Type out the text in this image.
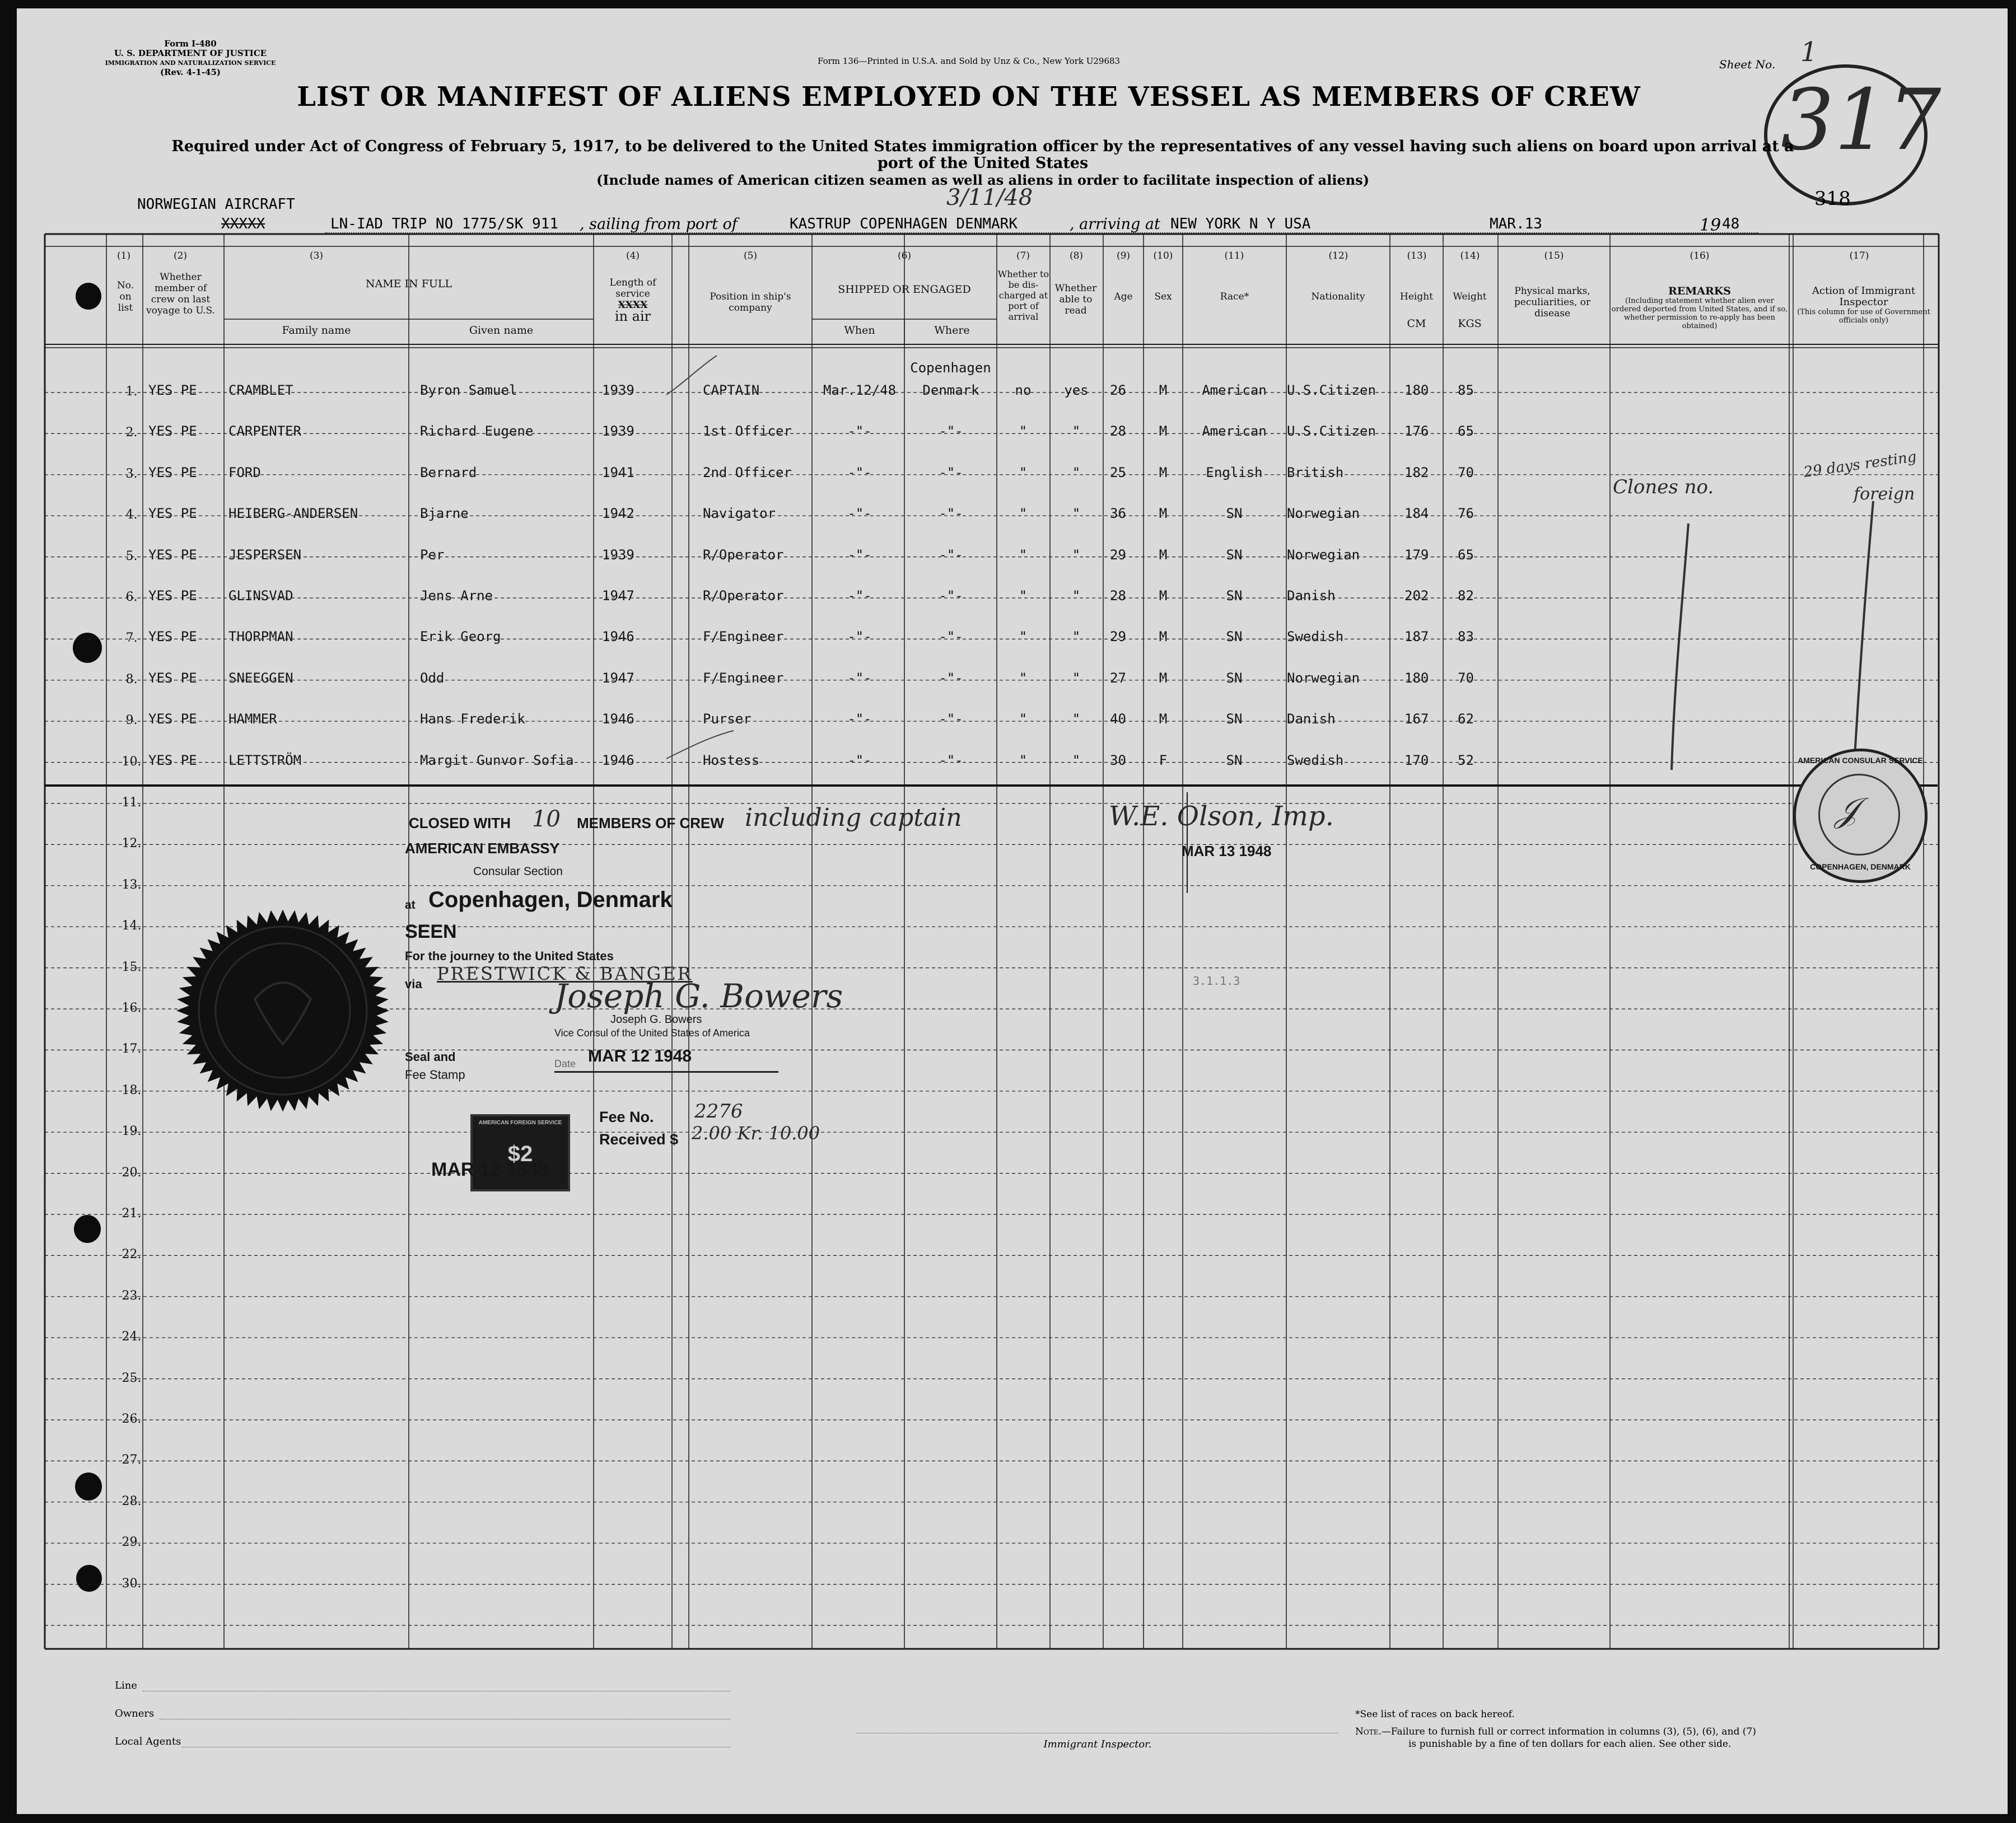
Form I-480
U. S. DEPARTMENT OF JUSTICE
IMMIGRATION AND NATURALIZATION SERVICE
(Rev. 4-1-45)
Form 136—Printed in U.S.A. and Sold by Unz & Co., New York U29683	Sheet No. 1
317
318
LIST OR MANIFEST OF ALIENS EMPLOYED ON THE VESSEL AS MEMBERS OF CREW
Required under Act of Congress of February 5, 1917, to be delivered to the United States immigration officer by the representatives of any vessel having such aliens on board upon arrival at a
port of the United States
(Include names of American citizen seamen as well as aliens in order to facilitate inspection of aliens)
NORWEGIAN AIRCRAFT
XXXXX	LN-IAD TRIP NO 1775/SK 911 , sailing from port of
3/11/48
KASTRUP COPENHAGEN DENMARK	, arriving at NEW YORK N Y USA	MAR.13	19 48
(1)	(2)	(3)	(4)	(5)	(6)	(7)	(8)	(9)	(10)	(11)	(12)	(13)	(14)	(15)	(16)	(17)
No. on list
Whether member of crew on last voyage to U.S.
NAME IN FULL
Family name	Given name
Length of service
XXXX
in air
Position in ship's company
SHIPPED OR ENGAGED
When	Where
Whether to be dis-charged at port of arrival
Whether able to read
Age	Sex	Race*	Nationality	Height
CM
Weight
KGS
Physical marks, peculiarities, or disease
REMARKS
(Including statement whether alien ever ordered deported from United States, and if so, whether permission to re-apply has been obtained)
Action of Immigrant Inspector
(This column for use of Government officials only)
1.
2.
3.
4.
5.
6.
7.
8.
9.
10.
11.
12.
13.
14.
15.
16.
17.
18.
19.
20.
21.
22.
23.
24.
25.
26.
27.
28.
29.
30.
YES PE CRAMBLET	Byron Samuel	1939	CAPTAIN	Mar.12/48	Denmark	no	yes	26	M	American	U.S.Citizen 180 85
Copenhagen
YES PE CARPENTER	Richard Eugene	1939	1st Officer	-"-	-"-	"	"	28	M	American	U.S.Citizen 176 65
YES PE FORD	Bernard	1941	2nd Officer	-"-	-"-	"	"	25	M	English	British	182 70
YES PE HEIBERG-ANDERSEN	Bjarne	1942	Navigator	-"-	-"-	"	"	36	M	SN	Norwegian	184 76
YES PE JESPERSEN	Per	1939	R/Operator	-"-	-"-	"	"	29	M	SN	Norwegian	179 65
YES PE GLINSVAD	Jens Arne	1947	R/Operator	-"-	-"-	"	"	28	M	SN	Danish	202 82
YES PE THORPMAN	Erik Georg	1946	F/Engineer	-"-	-"-	"	"	29	M	SN	Swedish	187 83
YES PE SNEEGGEN	Odd	1947	F/Engineer	-"-	-"-	"	"	27	M	SN	Norwegian	180 70
YES PE HAMMER	Hans Frederik	1946	Purser	-"-	-"-	"	"	40	M	SN	Danish	167 62
YES PE LETTSTRÖM	Margit Gunvor Sofia 1946	Hostess	-"-	-"-	"	"	30	F	SN	Swedish	170 52
Clones no.
29 days resting
foreign
AMERICAN CONSULAR SERVICE
COPENHAGEN, DENMARK
𝒥
CLOSED WITH 10 MEMBERS OF CREW including captain	W.E. Olson, Imp.
AMERICAN EMBASSY	MAR 13 1948
Consular Section
at Copenhagen, Denmark
SEEN
For the journey to the United States
via PRESTWICK & BANGER
Joseph G. Bowers
Joseph G. Bowers
Vice Consul of the United States of America
3.1.1.3
Seal and
Fee Stamp
Date MAR 12 1948
AMERICAN FOREIGN SERVICE
$2
MAR 12 1948
Fee No. 2276
Received $ 2.00 Kr. 10.00
Line
Owners
Local Agents	Immigrant Inspector.
*See list of races on back hereof.
Note.—Failure to furnish full or correct information in columns (3), (5), (6), and (7)
is punishable by a fine of ten dollars for each alien. See other side.
